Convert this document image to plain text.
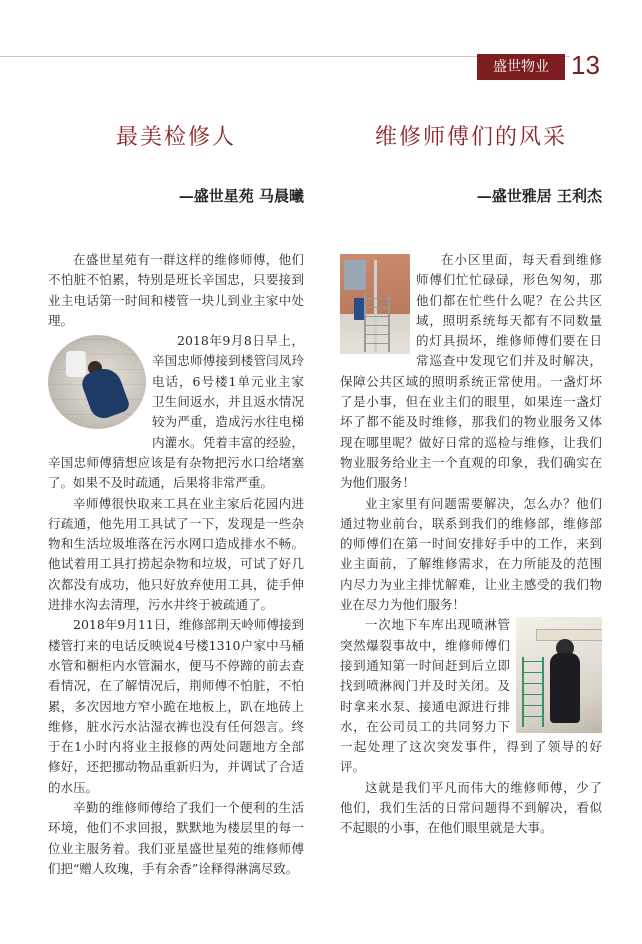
盛世物业 13
最美检修人
—盛世星苑 马晨曦

在盛世星苑有一群这样的维修师傅，他们不怕脏不怕累，特别是班长辛国忠，只要接到业主电话第一时间和楼管一块儿到业主家中处理。

2018年9月8日早上，辛国忠师傅接到楼管闫凤玲电话，6号楼1单元业主家卫生间返水，并且返水情况较为严重，造成污水往电梯内灌水。凭着丰富的经验，辛国忠师傅猜想应该是有杂物把污水口给堵塞了。如果不及时疏通，后果将非常严重。

辛师傅很快取来工具在业主家后花园内进行疏通，他先用工具试了一下，发现是一些杂物和生活垃圾堆落在污水网口造成排水不畅。他试着用工具打捞起杂物和垃圾，可试了好几次都没有成功，他只好放弃使用工具，徒手伸进排水沟去清理，污水井终于被疏通了。

2018年9月11日，维修部荆天岭师傅接到楼管打来的电话反映说4号楼1310户家中马桶水管和橱柜内水管漏水，便马不停蹄的前去查看情况，在了解情况后，荆师傅不怕脏，不怕累，多次因地方窄小跪在地板上，趴在地砖上维修，脏水污水沾湿衣裤也没有任何怨言。终于在1小时内将业主报修的两处问题地方全部修好，还把挪动物品重新归为，并调试了合适的水压。

辛勤的维修师傅给了我们一个便利的生活环境，他们不求回报，默默地为楼层里的每一位业主服务着。我们亚星盛世星苑的维修师傅们把“赠人玫瑰，手有余香”诠释得淋漓尽致。

维修师傅们的风采
—盛世雅居 王利杰

在小区里面，每天看到维修师傅们忙忙碌碌，形色匆匆，那他们都在忙些什么呢？在公共区域，照明系统每天都有不同数量的灯具损坏，维修师傅们要在日常巡查中发现它们并及时解决，保障公共区域的照明系统正常使用。一盏灯坏了是小事，但在业主们的眼里，如果连一盏灯坏了都不能及时维修，那我们的物业服务又体现在哪里呢？做好日常的巡检与维修，让我们物业服务给业主一个直观的印象，我们确实在为他们服务！

业主家里有问题需要解决，怎么办？他们通过物业前台，联系到我们的维修部，维修部的师傅们在第一时间安排好手中的工作，来到业主面前，了解维修需求，在力所能及的范围内尽力为业主排忧解难，让业主感受的我们物业在尽力为他们服务！

一次地下车库出现喷淋管突然爆裂事故中，维修师傅们接到通知第一时间赶到后立即找到喷淋阀门并及时关闭。及时拿来水泵、接通电源进行排水，在公司员工的共同努力下一起处理了这次突发事件，得到了领导的好评。

这就是我们平凡而伟大的维修师傅，少了他们，我们生活的日常问题得不到解决，看似不起眼的小事，在他们眼里就是大事。
